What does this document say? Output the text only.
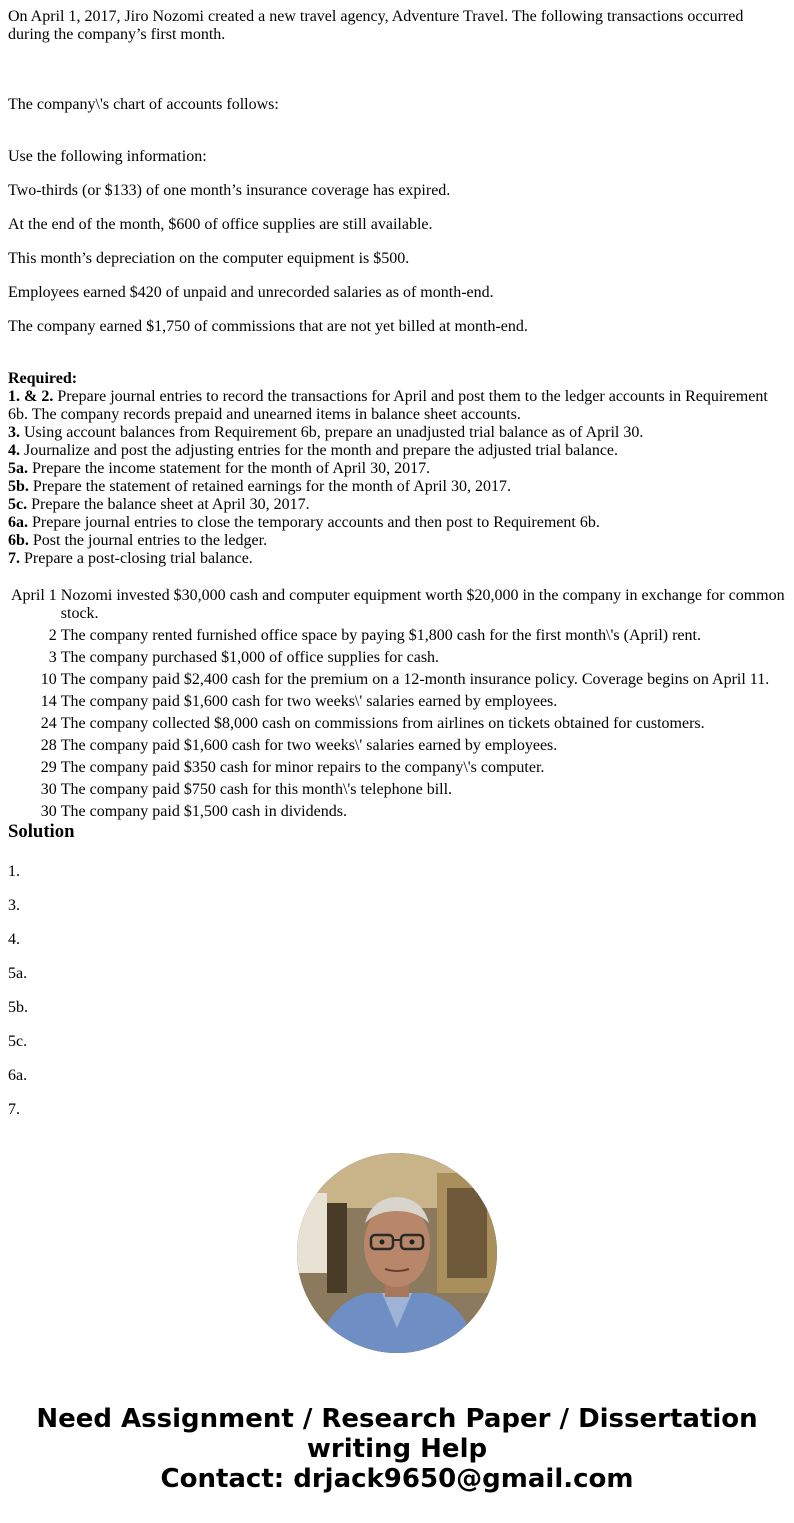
On April 1, 2017, Jiro Nozomi created a new travel agency, Adventure Travel. The following transactions occurred during the company’s first month.

The company\'s chart of accounts follows:

Use the following information:

Two-thirds (or $133) of one month’s insurance coverage has expired.

At the end of the month, $600 of office supplies are still available.

This month’s depreciation on the computer equipment is $500.

Employees earned $420 of unpaid and unrecorded salaries as of month-end.

The company earned $1,750 of commissions that are not yet billed at month-end.

Required:
1. & 2. Prepare journal entries to record the transactions for April and post them to the ledger accounts in Requirement 6b. The company records prepaid and unearned items in balance sheet accounts.
3. Using account balances from Requirement 6b, prepare an unadjusted trial balance as of April 30.
4. Journalize and post the adjusting entries for the month and prepare the adjusted trial balance.
5a. Prepare the income statement for the month of April 30, 2017.
5b. Prepare the statement of retained earnings for the month of April 30, 2017.
5c. Prepare the balance sheet at April 30, 2017.
6a. Prepare journal entries to close the temporary accounts and then post to Requirement 6b.
6b. Post the journal entries to the ledger.
7. Prepare a post-closing trial balance.
April 1	Nozomi invested $30,000 cash and computer equipment worth $20,000 in the company in exchange for common stock.
2	The company rented furnished office space by paying $1,800 cash for the first month\'s (April) rent.
3	The company purchased $1,000 of office supplies for cash.
10	The company paid $2,400 cash for the premium on a 12-month insurance policy. Coverage begins on April 11.
14	The company paid $1,600 cash for two weeks\' salaries earned by employees.
24	The company collected $8,000 cash on commissions from airlines on tickets obtained for customers.
28	The company paid $1,600 cash for two weeks\' salaries earned by employees.
29	The company paid $350 cash for minor repairs to the company\'s computer.
30	The company paid $750 cash for this month\'s telephone bill.
30	The company paid $1,500 cash in dividends.
Solution

1.

3.

4.

5a.

5b.

5c.

6a.

7.

Need Assignment / Research Paper / Dissertation
writing Help
Contact: drjack9650@gmail.com
